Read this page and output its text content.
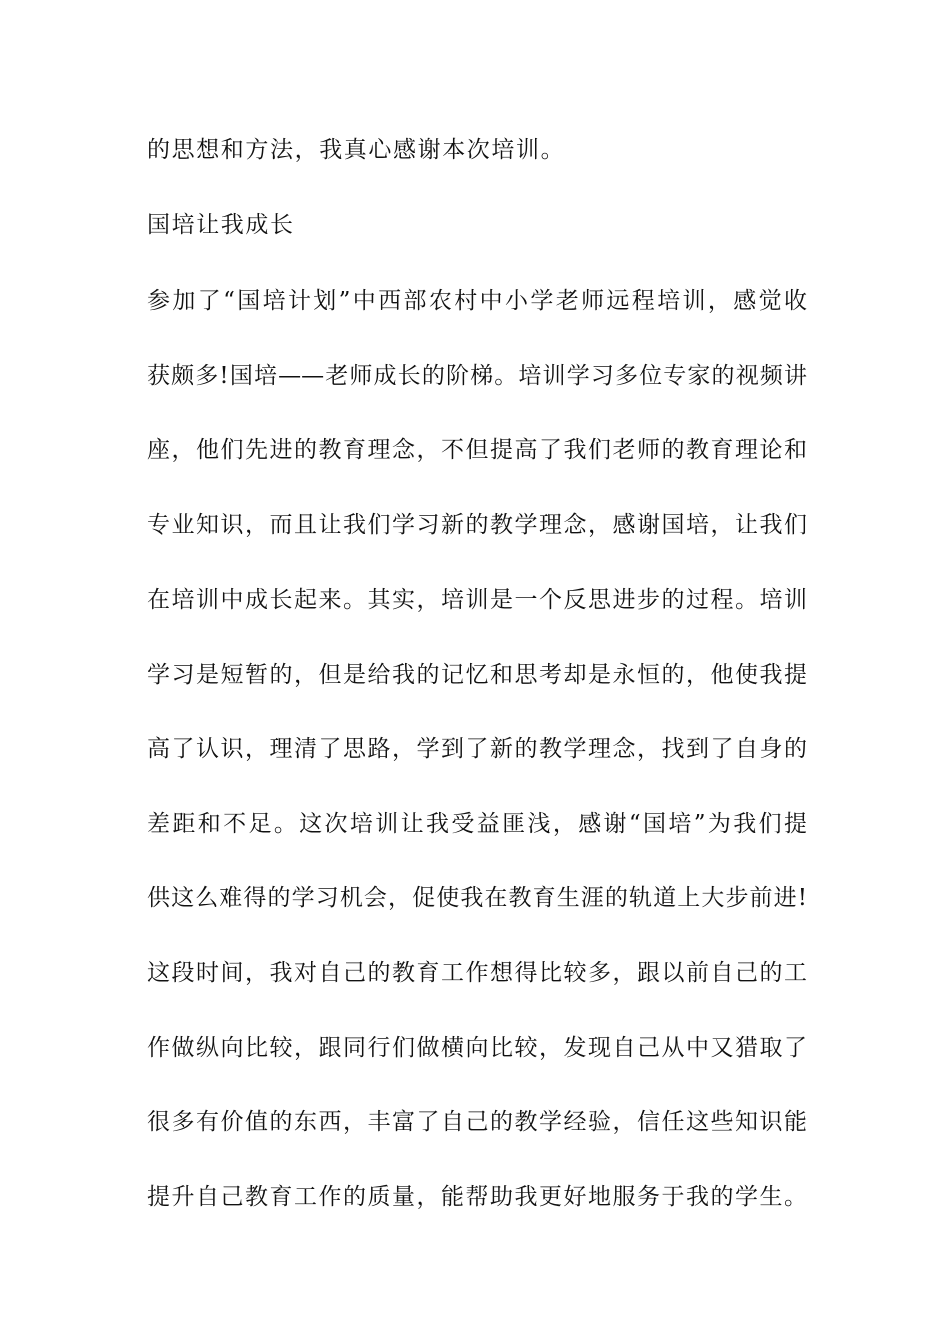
的思想和方法，我真心感谢本次培训。
国培让我成长
参加了“国培计划”中西部农村中小学老师远程培训，感觉收
获颇多!国培——老师成长的阶梯。培训学习多位专家的视频讲
座，他们先进的教育理念，不但提高了我们老师的教育理论和
专业知识，而且让我们学习新的教学理念，感谢国培，让我们
在培训中成长起来。其实，培训是一个反思进步的过程。培训
学习是短暂的，但是给我的记忆和思考却是永恒的，他使我提
高了认识，理清了思路，学到了新的教学理念，找到了自身的
差距和不足。这次培训让我受益匪浅，感谢“国培”为我们提
供这么难得的学习机会，促使我在教育生涯的轨道上大步前进!
这段时间，我对自己的教育工作想得比较多，跟以前自己的工
作做纵向比较，跟同行们做横向比较，发现自己从中又猎取了
很多有价值的东西，丰富了自己的教学经验，信任这些知识能
提升自己教育工作的质量，能帮助我更好地服务于我的学生。
